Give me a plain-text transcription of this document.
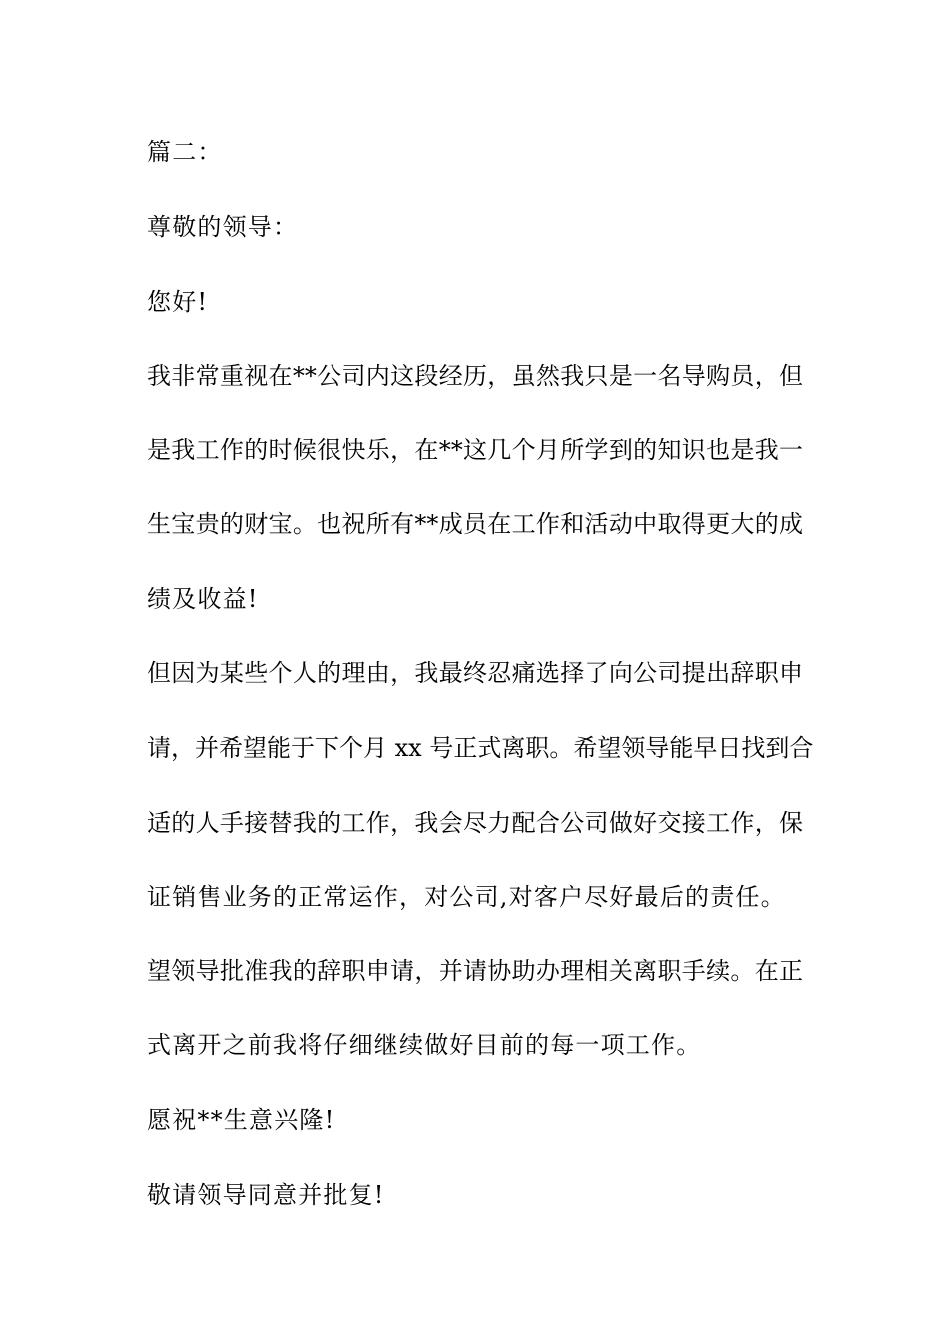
篇二：
尊敬的领导：
您好!
我非常重视在**公司内这段经历，虽然我只是一名导购员，但
是我工作的时候很快乐，在**这几个月所学到的知识也是我一
生宝贵的财宝。也祝所有**成员在工作和活动中取得更大的成
绩及收益!
但因为某些个人的理由，我最终忍痛选择了向公司提出辞职申
请，并希望能于下个月 xx 号正式离职。希望领导能早日找到合
适的人手接替我的工作，我会尽力配合公司做好交接工作，保
证销售业务的正常运作，对公司,对客户尽好最后的责任。
望领导批准我的辞职申请，并请协助办理相关离职手续。在正
式离开之前我将仔细继续做好目前的每一项工作。
愿祝**生意兴隆!
敬请领导同意并批复!
